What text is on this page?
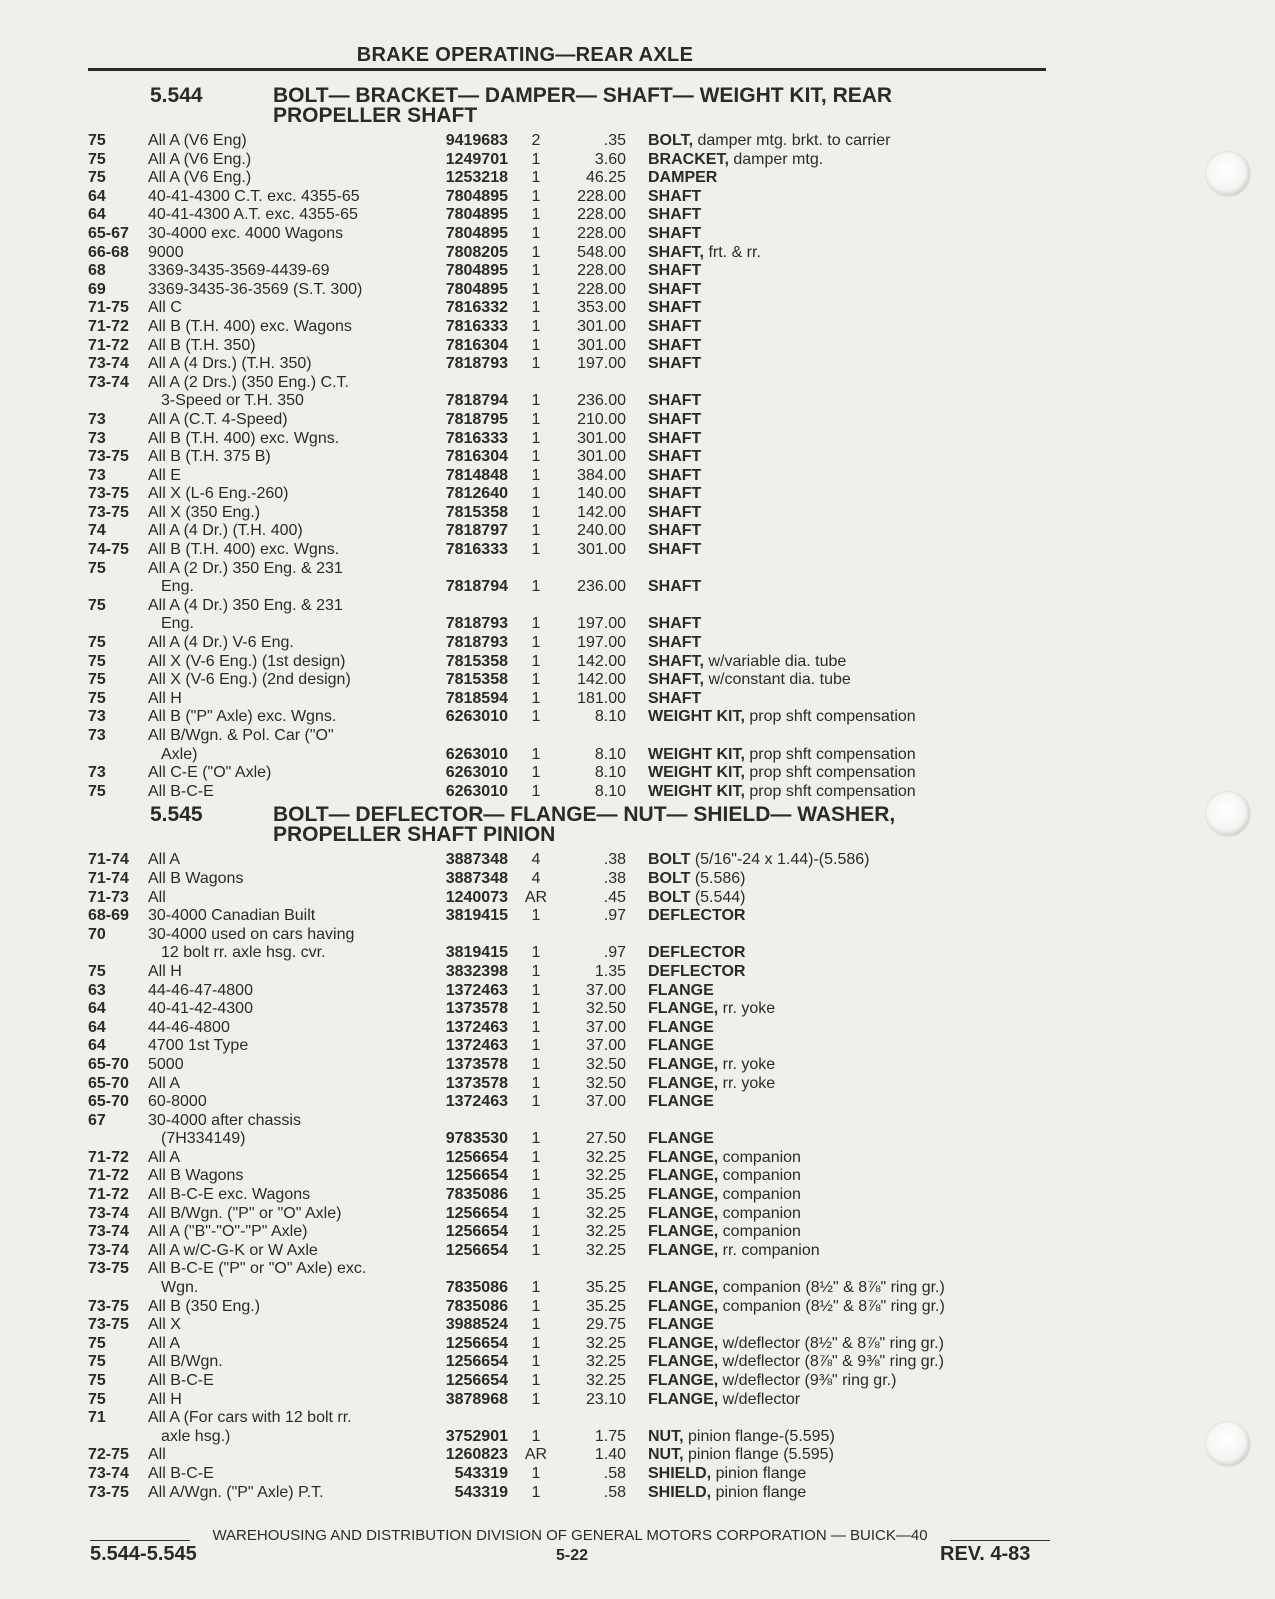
BRAKE OPERATING—REAR AXLE
5.544	BOLT— BRACKET— DAMPER— SHAFT— WEIGHT KIT, REAR PROPELLER SHAFT
75	All A (V6 Eng)	9419683	2	.35	BOLT, damper mtg. brkt. to carrier
75	All A (V6 Eng.)	1249701	1	3.60	BRACKET, damper mtg.
75	All A (V6 Eng.)	1253218	1	46.25	DAMPER
64	40-41-4300 C.T. exc. 4355-65	7804895	1	228.00	SHAFT
64	40-41-4300 A.T. exc. 4355-65	7804895	1	228.00	SHAFT
65-67	30-4000 exc. 4000 Wagons	7804895	1	228.00	SHAFT
66-68	9000	7808205	1	548.00	SHAFT, frt. & rr.
68	3369-3435-3569-4439-69	7804895	1	228.00	SHAFT
69	3369-3435-36-3569 (S.T. 300)	7804895	1	228.00	SHAFT
71-75	All C	7816332	1	353.00	SHAFT
71-72	All B (T.H. 400) exc. Wagons	7816333	1	301.00	SHAFT
71-72	All B (T.H. 350)	7816304	1	301.00	SHAFT
73-74	All A (4 Drs.) (T.H. 350)	7818793	1	197.00	SHAFT
73-74	All A (2 Drs.) (350 Eng.) C.T.
3-Speed or T.H. 350	7818794	1	236.00	SHAFT
73	All A (C.T. 4-Speed)	7818795	1	210.00	SHAFT
73	All B (T.H. 400) exc. Wgns.	7816333	1	301.00	SHAFT
73-75	All B (T.H. 375 B)	7816304	1	301.00	SHAFT
73	All E	7814848	1	384.00	SHAFT
73-75	All X (L-6 Eng.-260)	7812640	1	140.00	SHAFT
73-75	All X (350 Eng.)	7815358	1	142.00	SHAFT
74	All A (4 Dr.) (T.H. 400)	7818797	1	240.00	SHAFT
74-75	All B (T.H. 400) exc. Wgns.	7816333	1	301.00	SHAFT
75	All A (2 Dr.) 350 Eng. & 231
Eng.	7818794	1	236.00	SHAFT
75	All A (4 Dr.) 350 Eng. & 231
Eng.	7818793	1	197.00	SHAFT
75	All A (4 Dr.) V-6 Eng.	7818793	1	197.00	SHAFT
75	All X (V-6 Eng.) (1st design)	7815358	1	142.00	SHAFT, w/variable dia. tube
75	All X (V-6 Eng.) (2nd design)	7815358	1	142.00	SHAFT, w/constant dia. tube
75	All H	7818594	1	181.00	SHAFT
73	All B ("P" Axle) exc. Wgns.	6263010	1	8.10	WEIGHT KIT, prop shft compensation
73	All B/Wgn. & Pol. Car ("O"
Axle)	6263010	1	8.10	WEIGHT KIT, prop shft compensation
73	All C-E ("O" Axle)	6263010	1	8.10	WEIGHT KIT, prop shft compensation
75	All B-C-E	6263010	1	8.10	WEIGHT KIT, prop shft compensation
5.545	BOLT— DEFLECTOR— FLANGE— NUT— SHIELD— WASHER, PROPELLER SHAFT PINION
71-74	All A	3887348	4	.38	BOLT (5/16"-24 x 1.44)-(5.586)
71-74	All B Wagons	3887348	4	.38	BOLT (5.586)
71-73	All	1240073	AR	.45	BOLT (5.544)
68-69	30-4000 Canadian Built	3819415	1	.97	DEFLECTOR
70	30-4000 used on cars having
12 bolt rr. axle hsg. cvr.	3819415	1	.97	DEFLECTOR
75	All H	3832398	1	1.35	DEFLECTOR
63	44-46-47-4800	1372463	1	37.00	FLANGE
64	40-41-42-4300	1373578	1	32.50	FLANGE, rr. yoke
64	44-46-4800	1372463	1	37.00	FLANGE
64	4700 1st Type	1372463	1	37.00	FLANGE
65-70	5000	1373578	1	32.50	FLANGE, rr. yoke
65-70	All A	1373578	1	32.50	FLANGE, rr. yoke
65-70	60-8000	1372463	1	37.00	FLANGE
67	30-4000 after chassis
(7H334149)	9783530	1	27.50	FLANGE
71-72	All A	1256654	1	32.25	FLANGE, companion
71-72	All B Wagons	1256654	1	32.25	FLANGE, companion
71-72	All B-C-E exc. Wagons	7835086	1	35.25	FLANGE, companion
73-74	All B/Wgn. ("P" or "O" Axle)	1256654	1	32.25	FLANGE, companion
73-74	All A ("B"-"O"-"P" Axle)	1256654	1	32.25	FLANGE, companion
73-74	All A w/C-G-K or W Axle	1256654	1	32.25	FLANGE, rr. companion
73-75	All B-C-E ("P" or "O" Axle) exc.
Wgn.	7835086	1	35.25	FLANGE, companion (8½" & 8⅞" ring gr.)
73-75	All B (350 Eng.)	7835086	1	35.25	FLANGE, companion (8½" & 8⅞" ring gr.)
73-75	All X	3988524	1	29.75	FLANGE
75	All A	1256654	1	32.25	FLANGE, w/deflector (8½" & 8⅞" ring gr.)
75	All B/Wgn.	1256654	1	32.25	FLANGE, w/deflector (8⅞" & 9⅜" ring gr.)
75	All B-C-E	1256654	1	32.25	FLANGE, w/deflector (9⅜" ring gr.)
75	All H	3878968	1	23.10	FLANGE, w/deflector
71	All A (For cars with 12 bolt rr.
axle hsg.)	3752901	1	1.75	NUT, pinion flange-(5.595)
72-75	All	1260823	AR	1.40	NUT, pinion flange (5.595)
73-74	All B-C-E	543319	1	.58	SHIELD, pinion flange
73-75	All A/Wgn. ("P" Axle) P.T.	543319	1	.58	SHIELD, pinion flange
WAREHOUSING AND DISTRIBUTION DIVISION OF GENERAL MOTORS CORPORATION — BUICK—40
5.544-5.545	5-22	REV. 4-83
